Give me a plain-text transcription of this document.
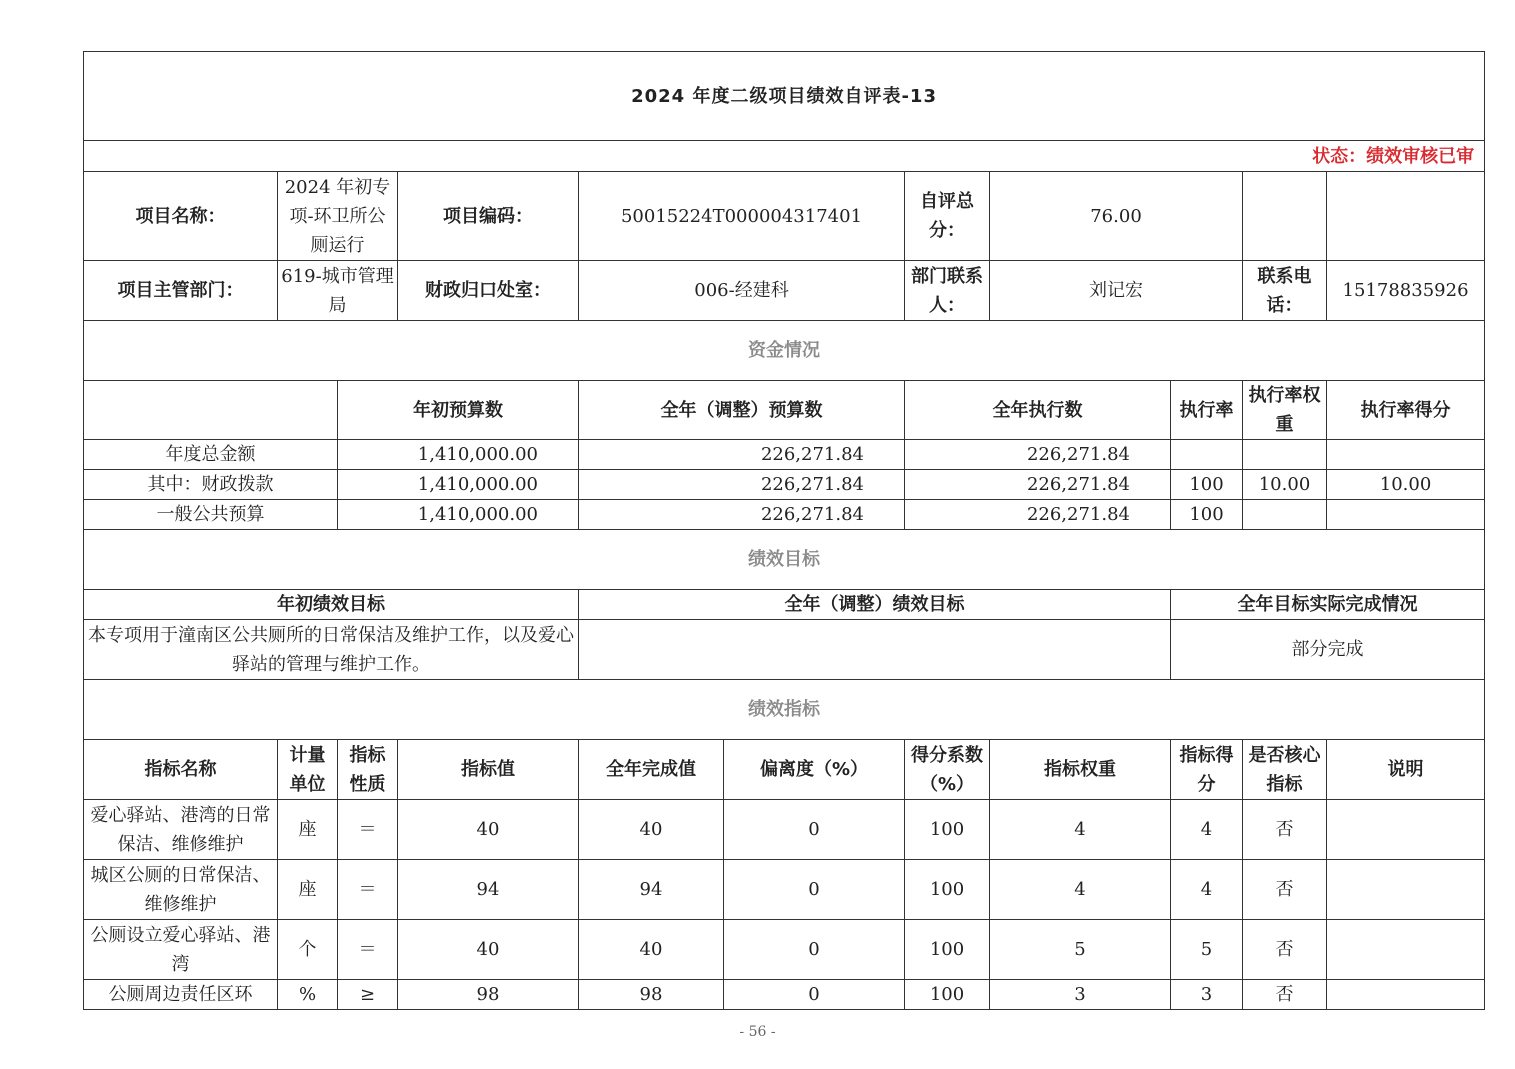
2024 年度二级项目绩效自评表-13										
状态：绩效审核已审										
项目名称：	2024 年初专项-环卫所公厕运行		项目编码：	50015224T000004317401		自评总分：	76.00			
项目主管部门：	619-城市管理局		财政归口处室：	006-经建科		部门联系人：	刘记宏		联系电话：	15178835926
资金情况										
		年初预算数		全年（调整）预算数		全年执行数		执行率	执行率权重	执行率得分
年度总金额		1,410,000.00		226,271.84		226,271.84				
其中：财政拨款		1,410,000.00		226,271.84		226,271.84		100	10.00	10.00
一般公共预算		1,410,000.00		226,271.84		226,271.84		100		
绩效目标										
年初绩效目标				全年（调整）绩效目标				全年目标实际完成情况		
本专项用于潼南区公共厕所的日常保洁及维护工作，以及爱心驿站的管理与维护工作。								部分完成		
绩效指标										
指标名称	计量单位	指标性质	指标值	全年完成值	偏离度（%）	得分系数（%）	指标权重	指标得分	是否核心指标	说明
爱心驿站、港湾的日常保洁、维修维护	座	＝	40	40	0	100	4	4	否	
城区公厕的日常保洁、维修维护	座	＝	94	94	0	100	4	4	否	
公厕设立爱心驿站、港湾	个	＝	40	40	0	100	5	5	否	
公厕周边责任区环	%	≥	98	98	0	100	3	3	否	
- 56 -
